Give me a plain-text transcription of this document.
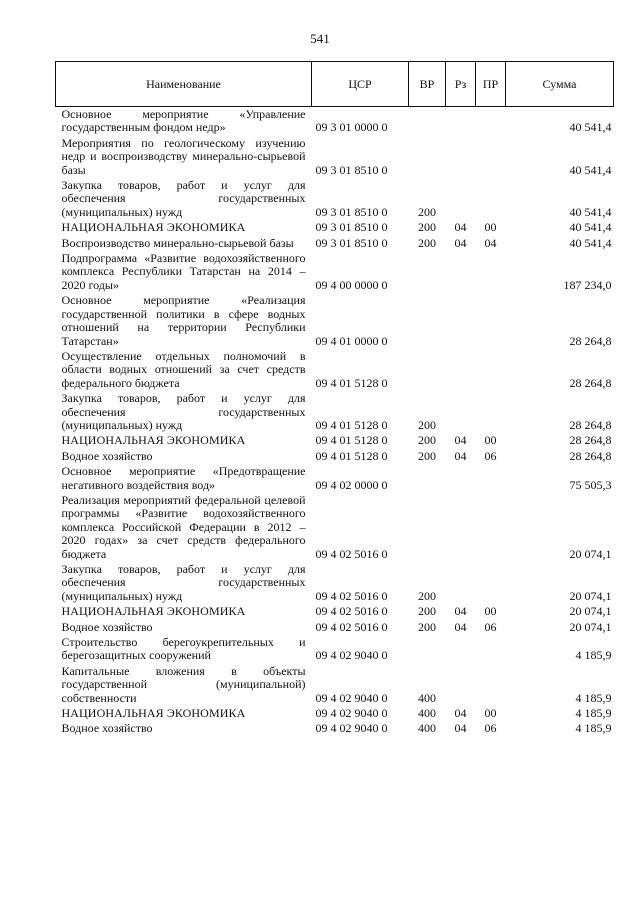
541
Наименование	ЦСР	ВР	Рз	ПР	Сумма
Основное мероприятие «Управление государственным фондом недр»	09 3 01 0000 0				40 541,4
Мероприятия по геологическому изучению недр и воспроизводству минерально-сырьевой базы	09 3 01 8510 0				40 541,4
Закупка товаров, работ и услуг для обеспечения государственных (муниципальных) нужд	09 3 01 8510 0	200			40 541,4
НАЦИОНАЛЬНАЯ ЭКОНОМИКА	09 3 01 8510 0	200	04	00	40 541,4
Воспроизводство минерально-сырьевой базы	09 3 01 8510 0	200	04	04	40 541,4
Подпрограмма «Развитие водохозяйственного комплекса Республики Татарстан на 2014 – 2020 годы»	09 4 00 0000 0				187 234,0
Основное мероприятие «Реализация государственной политики в сфере водных отношений на территории Республики Татарстан»	09 4 01 0000 0				28 264,8
Осуществление отдельных полномочий в области водных отношений за счет средств федерального бюджета	09 4 01 5128 0				28 264,8
Закупка товаров, работ и услуг для обеспечения государственных (муниципальных) нужд	09 4 01 5128 0	200			28 264,8
НАЦИОНАЛЬНАЯ ЭКОНОМИКА	09 4 01 5128 0	200	04	00	28 264,8
Водное хозяйство	09 4 01 5128 0	200	04	06	28 264,8
Основное мероприятие «Предотвращение негативного воздействия вод»	09 4 02 0000 0				75 505,3
Реализация мероприятий федеральной целевой программы «Развитие водохозяйственного комплекса Российской Федерации в 2012 – 2020 годах» за счет средств федерального бюджета	09 4 02 5016 0				20 074,1
Закупка товаров, работ и услуг для обеспечения государственных (муниципальных) нужд	09 4 02 5016 0	200			20 074,1
НАЦИОНАЛЬНАЯ ЭКОНОМИКА	09 4 02 5016 0	200	04	00	20 074,1
Водное хозяйство	09 4 02 5016 0	200	04	06	20 074,1
Строительство берегоукрепительных и берегозащитных сооружений	09 4 02 9040 0				4 185,9
Капитальные вложения в объекты государственной (муниципальной) собственности	09 4 02 9040 0	400			4 185,9
НАЦИОНАЛЬНАЯ ЭКОНОМИКА	09 4 02 9040 0	400	04	00	4 185,9
Водное хозяйство	09 4 02 9040 0	400	04	06	4 185,9
